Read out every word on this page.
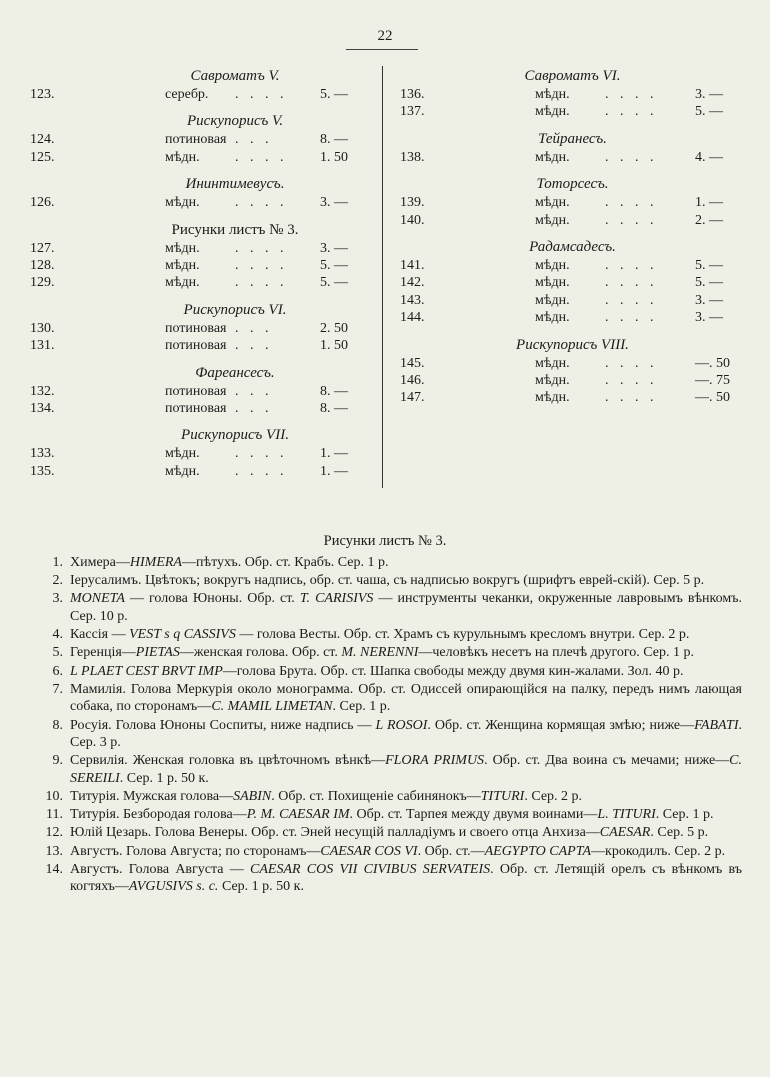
22
Савроматъ V.
123.	серебр. . . . . 5. —
Рискупорисъ V.
124.	потиновая . . .	8. —
125.	мѣдн.	. . . . 1. 50
Ининтимевусъ.
126.	мѣдн.	. . . . 3. —
Рисунки листъ № 3.
127.	мѣдн.	. . . . 3. —
128.	мѣдн.	. . . . 5. —
129.	мѣдн.	. . . . 5. —
Рискупорисъ VI.
130.	потиновая . . .	2. 50
131.	потиновая . . .	1. 50
Фареансесъ.
132.	потиновая . . .	8. —
134.	потиновая . . .	8. —
Рискупорисъ VII.
133.	мѣдн.	. . . . 1. —
135.	мѣдн.	. . . . 1. —
Савроматъ VI.
136.	мѣдн.	. . . .	3. —
137.	мѣдн.	. . . .	5. —
Тейранесъ.
138.	мѣдн.	. . . .	4. —
Тоторсесъ.
139.	мѣдн.	. . . .	1. —
140.	мѣдн.	. . . .	2. —
Радамсадесъ.
141.	мѣдн.	. . . .	5. —
142.	мѣдн.	. . . .	5. —
143.	мѣдн.	. . . .	3. —
144.	мѣдн.	. . . .	3. —
Рискупорисъ VIII.
145.	мѣдн.	. . . .	—. 50
146.	мѣдн.	. . . .	—. 75
147.	мѣдн.	. . . .	—. 50
Рисунки листъ № 3.
1. Химера—HIMERA—пѣтухъ. Обр. ст. Крабъ. Сер. 1 р.
2. Іерусалимъ. Цвѣтокъ; вокругъ надпись, обр. ст. чаша, съ надписью вокругъ (шрифтъ еврей-скій). Сер. 5 р.
3. MONETA — голова Юноны. Обр. ст. T. CARISIVS — инструменты чеканки, окруженные лавровымъ вѣнкомъ. Сер. 10 р.
4. Кассія — VEST s q CASSIVS — голова Весты. Обр. ст. Храмъ съ курульнымъ кресломъ внутри. Сер. 2 р.
5. Геренція—PIETAS—женская голова. Обр. ст. M. NERENNI—человѣкъ несетъ на плечѣ другого. Сер. 1 р.
6. L PLAET CEST BRVT IMP—голова Брута. Обр. ст. Шапка свободы между двумя кин-жалами. Зол. 40 р.
7. Мамилія. Голова Меркурія около монограмма. Обр. ст. Одиссей опирающійся на палку, передъ нимъ лающая собака, по сторонамъ—C. MAMIL LIMETAN. Сер. 1 р.
8. Росуія. Голова Юноны Соспиты, ниже надпись — L ROSOI. Обр. ст. Женщина кормящая змѣю; ниже—FABATI. Сер. 3 р.
9. Сервилія. Женская головка въ цвѣточномъ вѣнкѣ—FLORA PRIMUS. Обр. ст. Два воина съ мечами; ниже—C. SEREILI. Сер. 1 р. 50 к.
10. Титурія. Мужская голова—SABIN. Обр. ст. Похищеніе сабинянокъ—TITURI. Сер. 2 р.
11. Титурія. Безбородая голова—P. M. CAESAR IM. Обр. ст. Тарпея между двумя воинами—L. TITURI. Сер. 1 р.
12. Юлій Цезарь. Голова Венеры. Обр. ст. Эней несущій палладіумъ и своего отца Анхиза—CAESAR. Сер. 5 р.
13. Августъ. Голова Августа; по сторонамъ—CAESAR COS VI. Обр. ст.—AEGYPTO CAPTA—крокодилъ. Сер. 2 р.
14. Августъ. Голова Августа — CAESAR COS VII CIVIBUS SERVATEIS. Обр. ст. Летящій орелъ съ вѣнкомъ въ когтяхъ—AVGUSIVS s. c. Сер. 1 р. 50 к.
